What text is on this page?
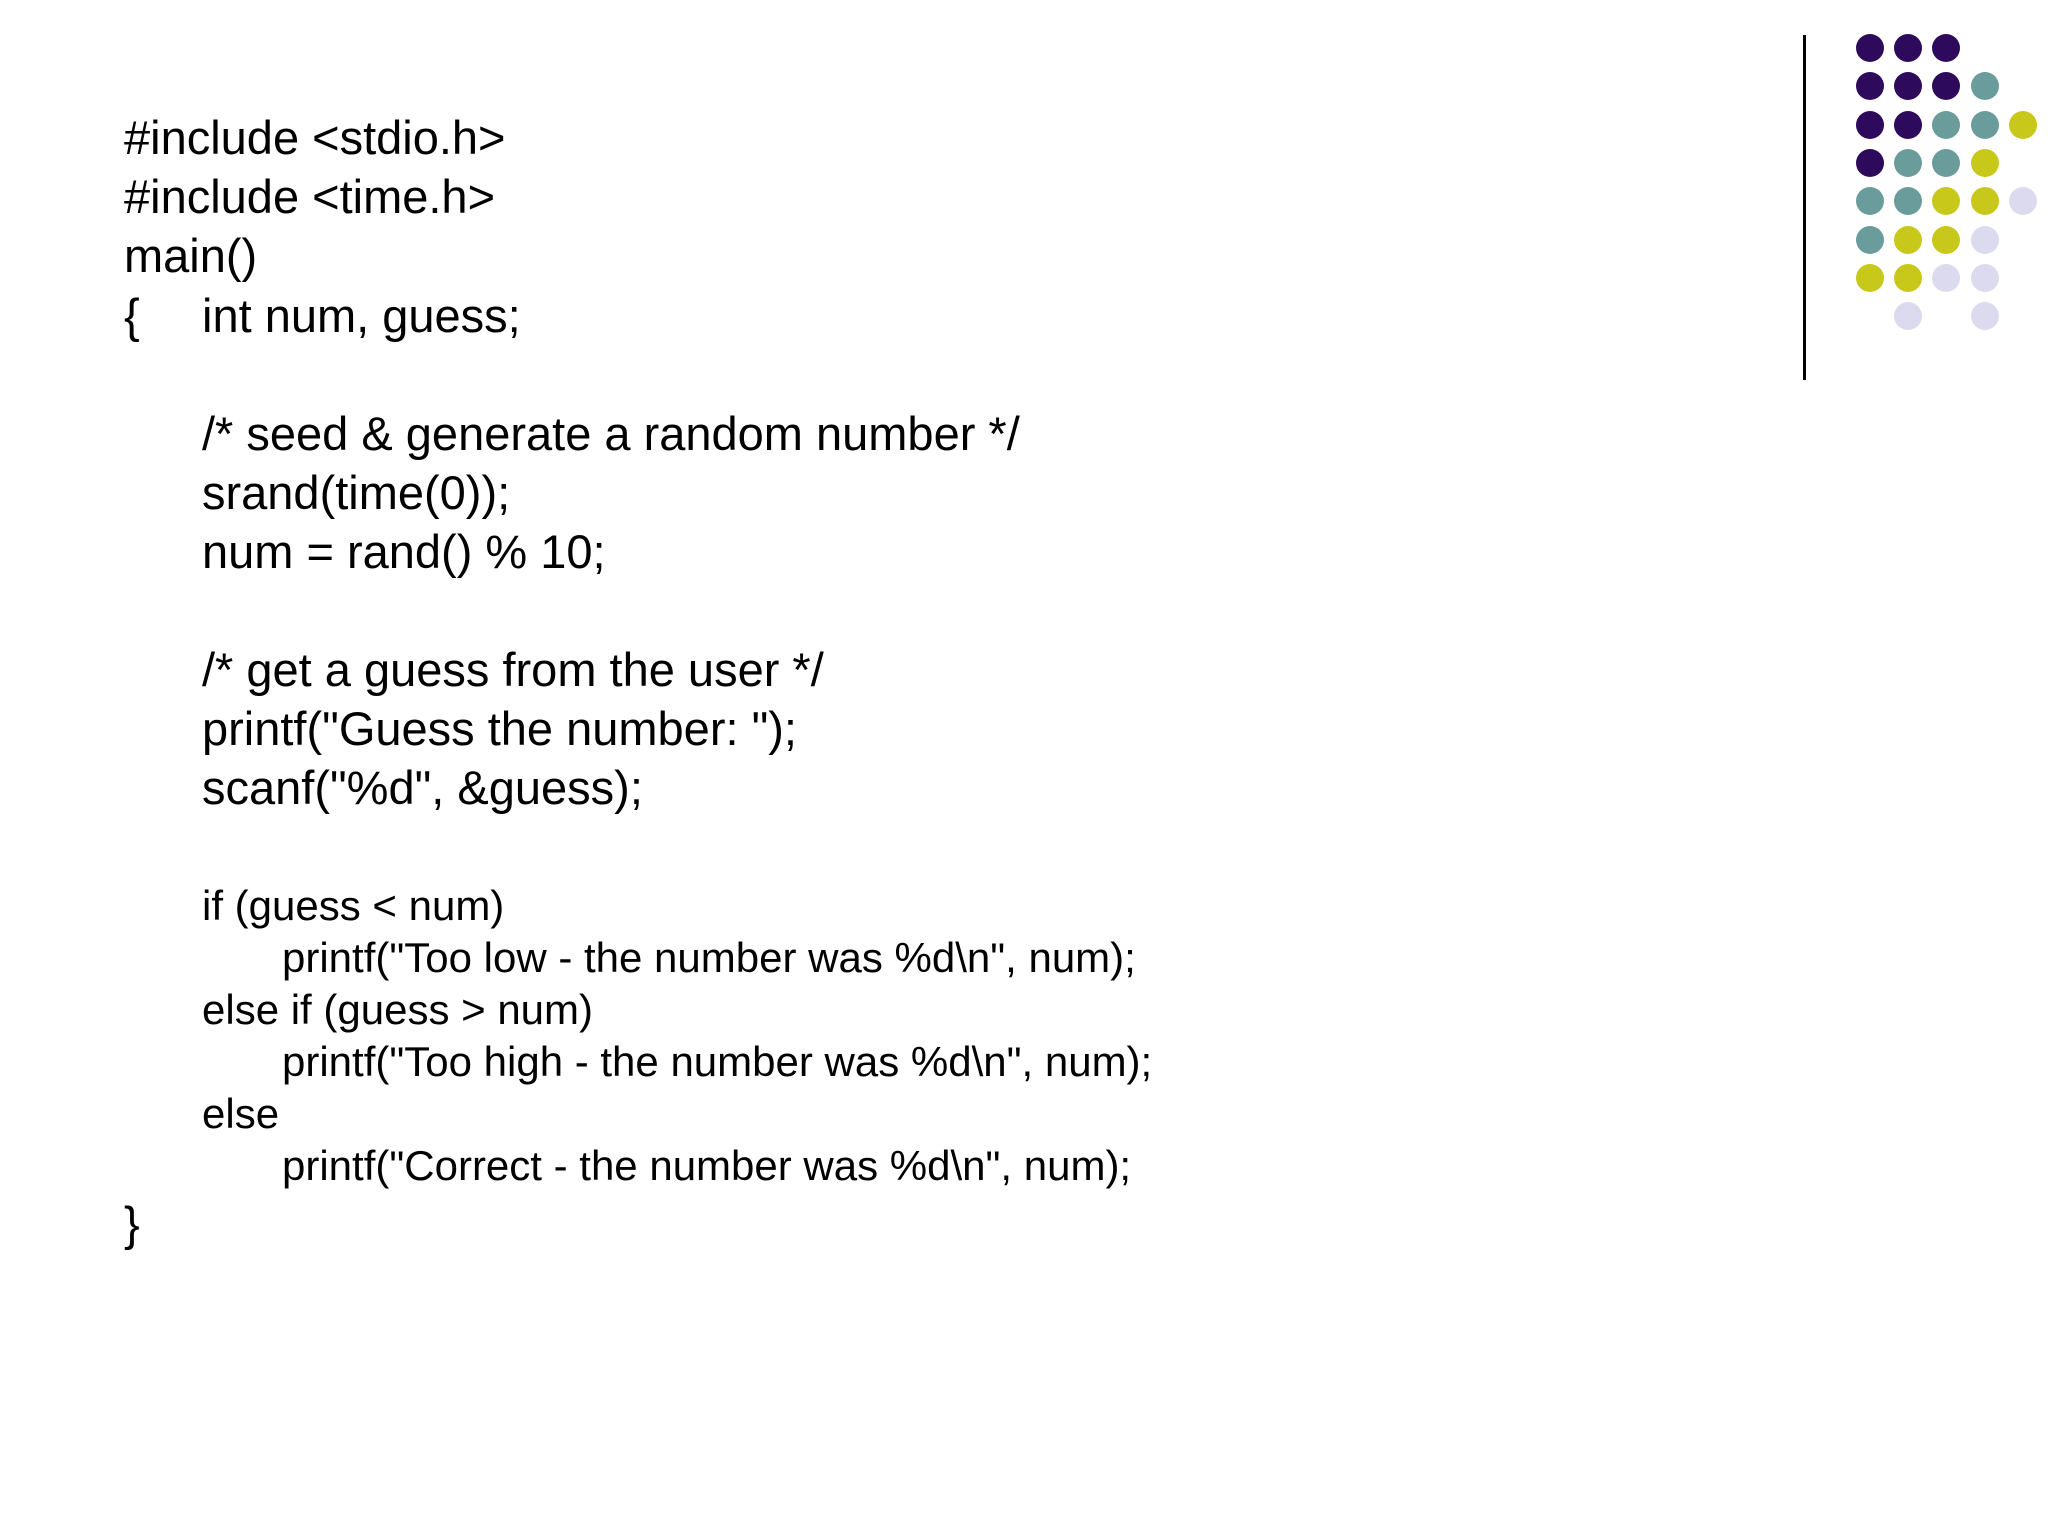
#include <stdio.h>
#include <time.h>
main()
{ int num, guess;
/* seed & generate a random number */
srand(time(0));
num = rand() % 10;
/* get a guess from the user */
printf("Guess the number: ");
scanf("%d", &guess);
if (guess < num)
printf("Too low - the number was %d\n", num);
else if (guess > num)
printf("Too high - the number was %d\n", num);
else
printf("Correct - the number was %d\n", num);
}
